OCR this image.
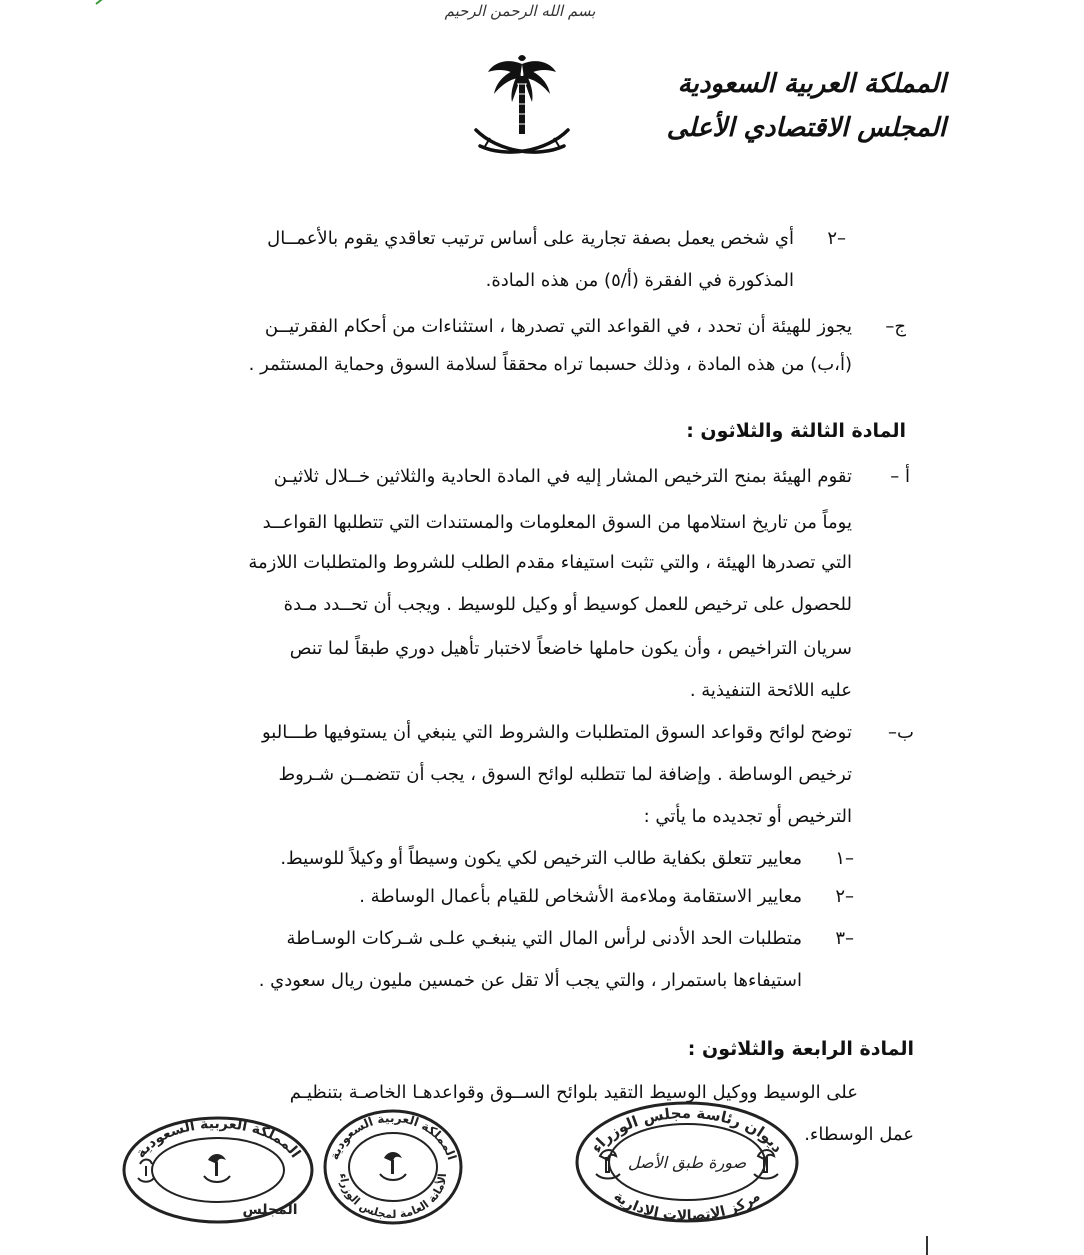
بسم الله الرحمن الرحيم
المملكة العربية السعودية
المجلس الاقتصادي الأعلى
٢–
أي شخص يعمل بصفة تجارية على أساس ترتيب تعاقدي يقوم بالأعمــال
المذكورة في الفقرة (أ/٥) من هذه المادة.
ج–
يجوز للهيئة أن تحدد ، في القواعد التي تصدرها ، استثناءات من أحكام الفقرتيــن
(أ،ب) من هذه المادة ، وذلك حسبما تراه محققاً لسلامة السوق وحماية المستثمر .
المادة الثالثة والثلاثون :
أ –
تقوم الهيئة بمنح الترخيص المشار إليه في المادة الحادية والثلاثين خــلال ثلاثيـن
يوماً من تاريخ استلامها من السوق المعلومات والمستندات التي تتطلبها القواعــد
التي تصدرها الهيئة ، والتي تثبت استيفاء مقدم الطلب للشروط والمتطلبات اللازمة
للحصول على ترخيص للعمل كوسيط أو وكيل للوسيط . ويجب أن تحــدد مـدة
سريان التراخيص ، وأن يكون حاملها خاضعاً لاختبار تأهيل دوري طبقاً لما تنص
عليه اللائحة التنفيذية .
ب–
توضح لوائح وقواعد السوق المتطلبات والشروط التي ينبغي أن يستوفيها طـــالبو
ترخيص الوساطة . وإضافة لما تتطلبه لوائح السوق ، يجب أن تتضمــن شـروط
الترخيص أو تجديده ما يأتي :
١–
معايير تتعلق بكفاية طالب الترخيص لكي يكون وسيطاً أو وكيلاً للوسيط.
٢–
معايير الاستقامة وملاءمة الأشخاص للقيام بأعمال الوساطة .
٣–
متطلبات الحد الأدنى لرأس المال التي ينبغـي علـى شـركات الوسـاطة
استيفاءها باستمرار ، والتي يجب ألا تقل عن خمسين مليون ريال سعودي .
المادة الرابعة والثلاثون :
على الوسيط ووكيل الوسيط التقيد بلوائح الســوق وقواعدهـا الخاصـة بتنظيـم
عمل الوسطاء.
ديوان رئاسة مجلس الوزراء
مركز الاتصالات الإدارية
صورة طبق الأصل
المملكة العربية السعودية
الأمانة العامة لمجلس الوزراء
المملكة العربية السعودية
المجلس
